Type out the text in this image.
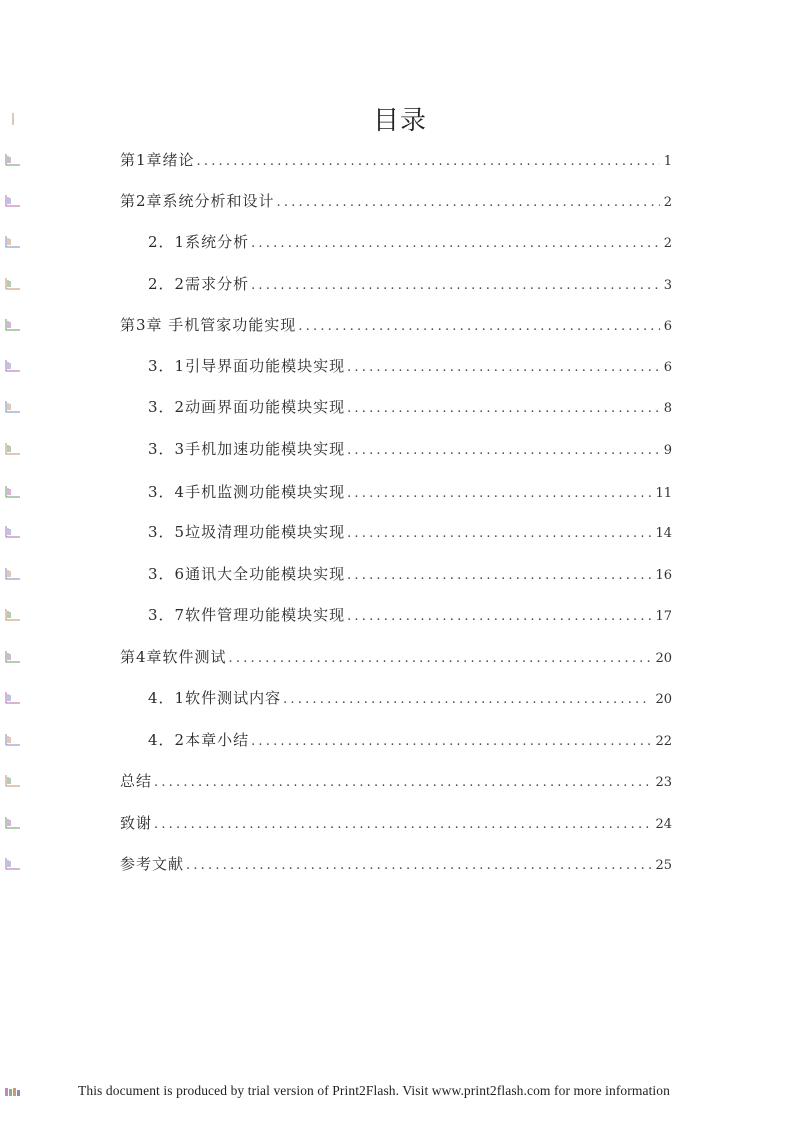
目录
第1章绪论 .....	1
第2章系统分析和设计 .....	2
2．1系统分析 .....	2
2．2需求分析 .....	3
第3章 手机管家功能实现 .....	6
3．1引导界面功能模块实现 .....	6
3．2动画界面功能模块实现 .....	8
3．3手机加速功能模块实现 .....	9
3．4手机监测功能模块实现 .....	11
3．5垃圾清理功能模块实现 .....	14
3．6通讯大全功能模块实现 .....	16
3．7软件管理功能模块实现 .....	17
第4章软件测试 .....	20
4．1软件测试内容 .....	20
4．2本章小结 .....	22
总结 .....	23
致谢 .....	24
参考文献 .....	25
This document is produced by trial version of Print2Flash. Visit www.print2flash.com for more information
